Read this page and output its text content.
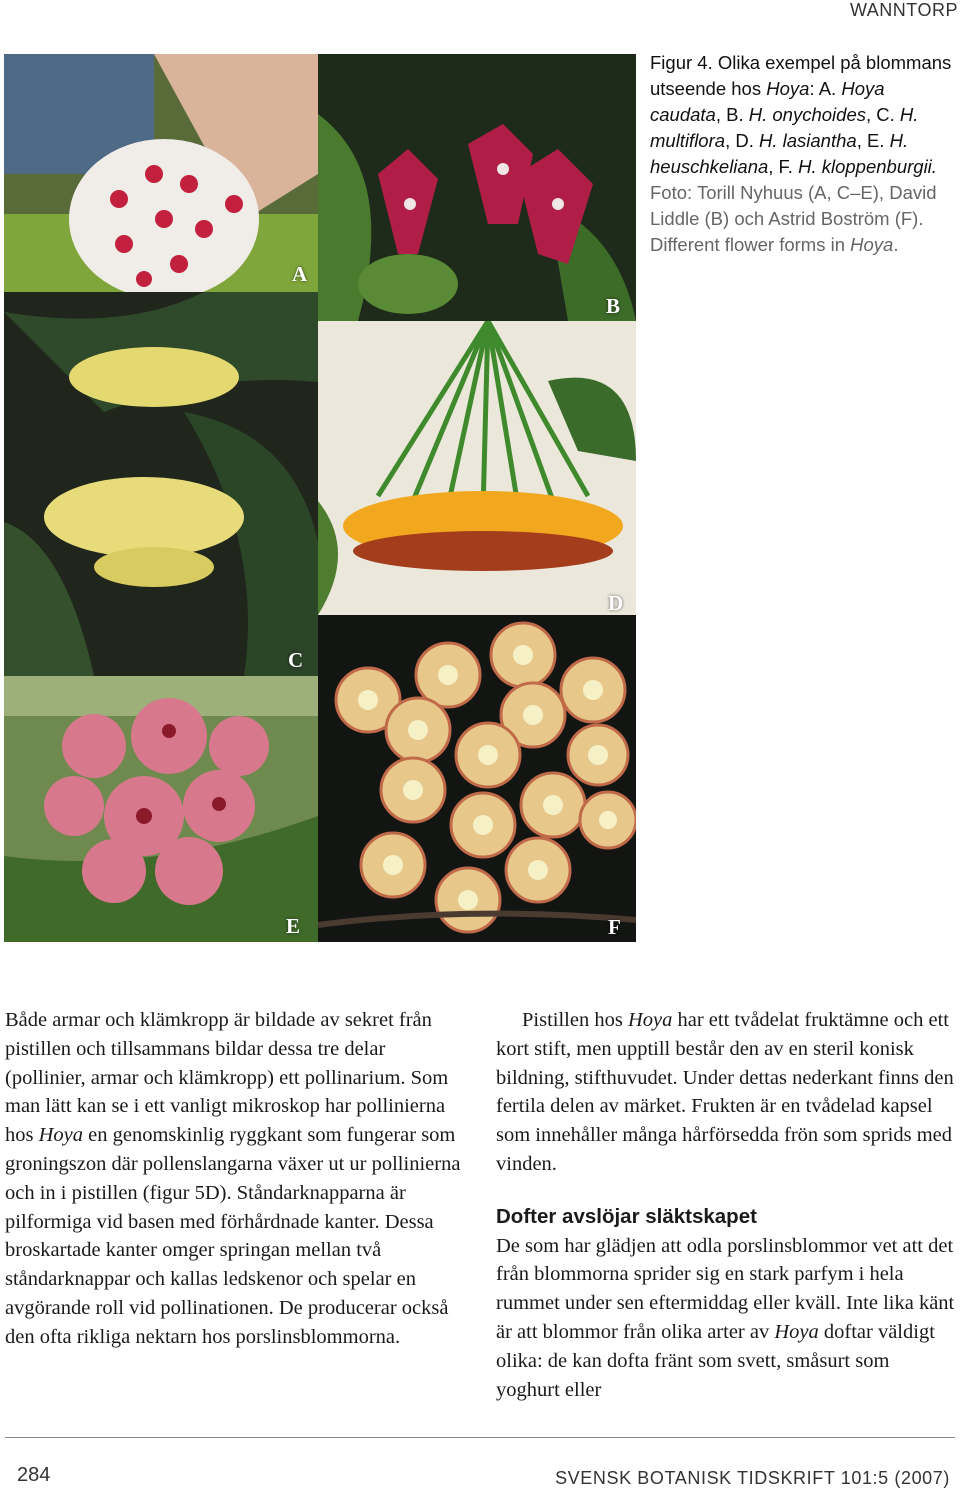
WANNTORP
A
B
C
D
E	F
Figur 4. Olika exempel på blommans utseende hos Hoya: A. Hoya caudata, B. H. onychoides, C. H. multiflora, D. H. lasiantha, E. H. heuschkeliana, F. H. kloppenburgii. Foto: Torill Nyhuus (A, C–E), David Liddle (B) och Astrid Boström (F). Different flower forms in Hoya.

Både armar och klämkropp är bildade av sekret från pistillen och tillsammans bildar dessa tre delar (pollinier, armar och klämkropp) ett pollinarium. Som man lätt kan se i ett vanligt mikroskop har pollinierna hos Hoya en genomskinlig ryggkant som fungerar som groningszon där pollenslangarna växer ut ur pollinierna och in i pistillen (figur 5D). Ståndarknapparna är pilformiga vid basen med förhårdnade kanter. Dessa broskartade kanter omger springan mellan två ståndarknappar och kallas ledskenor och spelar en avgörande roll vid pollinationen. De producerar också den ofta rikliga nektarn hos porslinsblommorna.

Pistillen hos Hoya har ett tvådelat fruktämne och ett kort stift, men upptill består den av en steril konisk bildning, stifthuvudet. Under dettas nederkant finns den fertila delen av märket. Frukten är en tvådelad kapsel som innehåller många hårförsedda frön som sprids med vinden.

Dofter avslöjar släktskapet

De som har glädjen att odla porslinsblommor vet att det från blommorna sprider sig en stark parfym i hela rummet under sen eftermiddag eller kväll. Inte lika känt är att blommor från olika arter av Hoya doftar väldigt olika: de kan dofta fränt som svett, småsurt som yoghurt eller

284	SVENSK BOTANISK TIDSKRIFT 101:5 (2007)
